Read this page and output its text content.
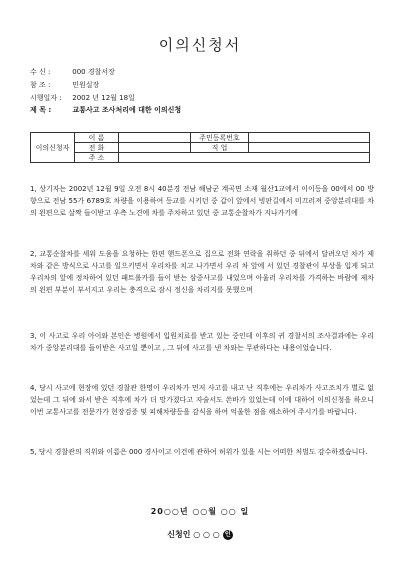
이의신청서
수 신 :	000 경찰서장
참 조 :	민원실장
시행일자 : 2002 년 12월 18일
제 목 :	교통사고 조사처리에 대한 이의신청
이의신청자	이 름		주민등록번호	
	전 화		직 업	
	주 소			
1, 상기자는 2002년 12월 9일 오전 8시 40분경 전남 해남군 계곡면 소재 월산1교에서 이이등을 00에서 00 방향으로 전남 55가 6789호 차량을 이용하여 등교를 시키던 중 갑이 앞에서 빙판길에서 미끄러져 중앙분리대를 차의 왼편으로 살짝 들이받고 우측 노견에 차를 주차하고 있던 중 교통순찰차가 지나가기에
2, 교통순찰차를 세워 도움을 요청하는 한편 핸드폰으로 집으로 전화 연락을 취하던 중 뒤에서 달려오던 차가 제차와 같은 방식으로 사고를 일으키면서 우리차를 치고 나가면서 우리 차 앞에 서 있던 경찰관이 부상을 입게 되고 우리차의 앞에 정차하여 있던 패트롤카를 들이 받는 삼중사고를 내었으며 아울러 우리차를 가격하는 바람에 제차의 왼편 부분이 부서지고 우리는 충격으로 잠시 정신을 차리지를 못했으며
3, 이 사고로 우리 아이와 본인은 병원에서 입원치료를 받고 있는 중인데 이후의 귀 경찰서의 조사결과에는 우리차가 중앙분리대를 들이받은 사고일 뿐이고 , 그 뒤에 사고를 낸 차와는 무관하다는 내용이었습니다.
4, 당시 사고에 현장에 있던 경찰관 한명이 우리차가 먼저 사고를 내고 난 직후에는 우리차가 사고조치가 별로 없었는데 그 뒤에 와서 받은 직후에 차가 더 망가졌다고 자술서도 쓴바가 있었는데 이에 대하여 이의신청을 하오니 이번 교통사고를 전문가가 현장검증 및 피해차량등을 감식을 하여 억울한 점을 해소하여 주시기를 바랍니다.
5, 당시 경찰관의 직위와 이름은 000 경사이고 이건에 관하여 허위가 있을 시는 어떠한 처벌도 감수하겠습니다.
20○○년 ○○월 ○○ 일
신청인 ○ ○ ○ 인
